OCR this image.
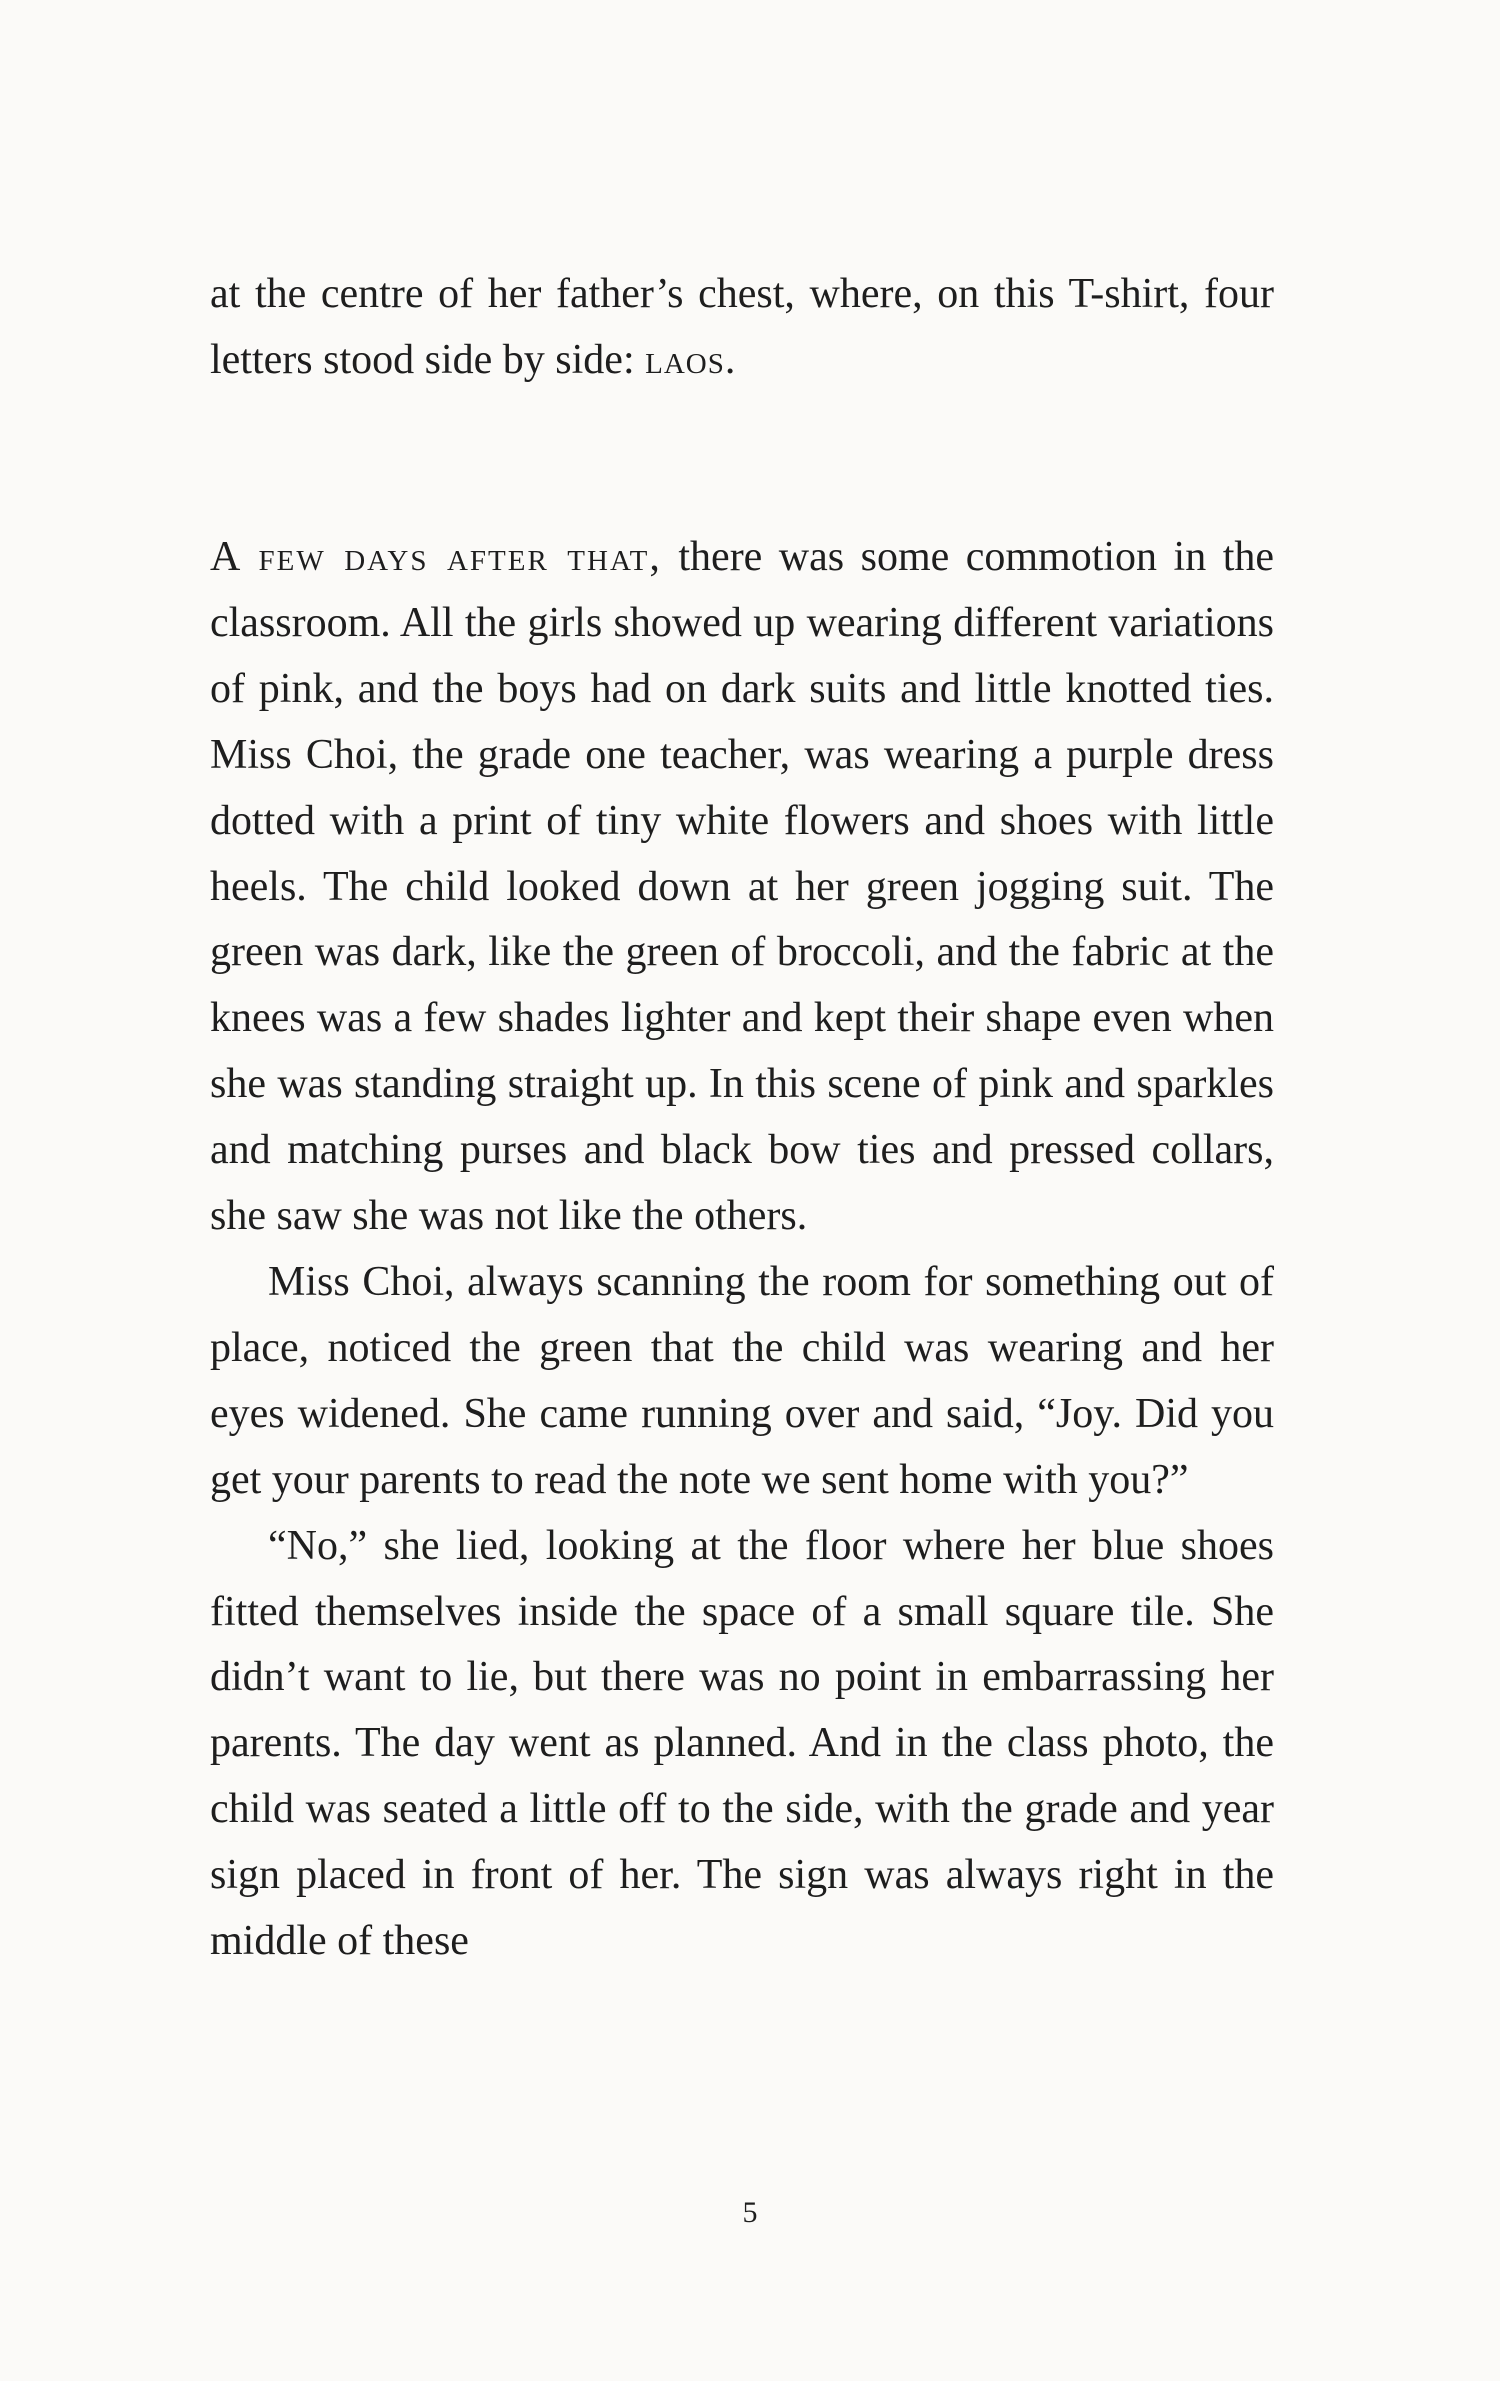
at the centre of her father’s chest, where, on this T-shirt, four letters stood side by side: laos.

A few days after that, there was some commotion in the classroom. All the girls showed up wearing different variations of pink, and the boys had on dark suits and little knotted ties. Miss Choi, the grade one teacher, was wearing a purple dress dotted with a print of tiny white flowers and shoes with little heels. The child looked down at her green jogging suit. The green was dark, like the green of broccoli, and the fabric at the knees was a few shades lighter and kept their shape even when she was standing straight up. In this scene of pink and sparkles and matching purses and black bow ties and pressed collars, she saw she was not like the others.

Miss Choi, always scanning the room for something out of place, noticed the green that the child was wearing and her eyes widened. She came running over and said, “Joy. Did you get your parents to read the note we sent home with you?”

“No,” she lied, looking at the floor where her blue shoes fitted themselves inside the space of a small square tile. She didn’t want to lie, but there was no point in embarrassing her parents. The day went as planned. And in the class photo, the child was seated a little off to the side, with the grade and year sign placed in front of her. The sign was always right in the middle of these

5
